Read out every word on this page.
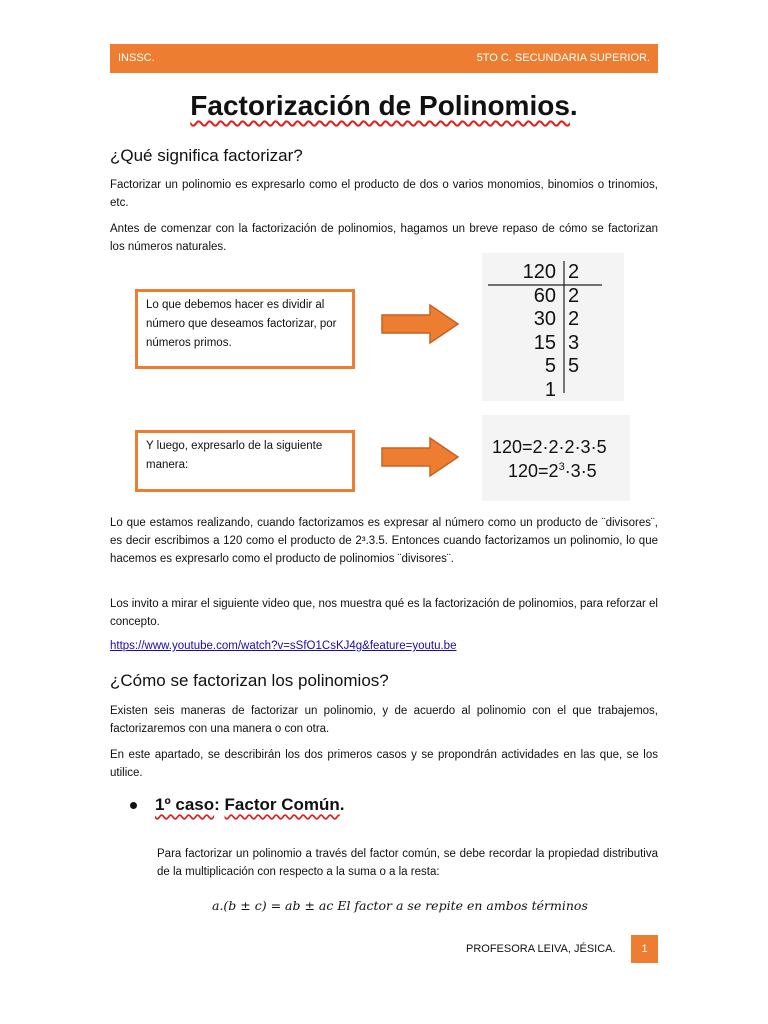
INSSC.	5TO C. SECUNDARIA SUPERIOR.
Factorización de Polinomios.
¿Qué significa factorizar?

Factorizar un polinomio es expresarlo como el producto de dos o varios monomios, binomios o trinomios, etc.

Antes de comenzar con la factorización de polinomios, hagamos un breve repaso de cómo se factorizan los números naturales.

Lo que debemos hacer es dividir al número que deseamos factorizar, por números primos.
120
60
30
15
5
1
2
2
2
3
5
Y luego, expresarlo de la siguiente manera:
120=2·2·2·3·5
$120=2^3\cdot 3\cdot 5$

Lo que estamos realizando, cuando factorizamos es expresar al número como un producto de ¨divisores¨, es decir escribimos a 120 como el producto de 2³.3.5. Entonces cuando factorizamos un polinomio, lo que hacemos es expresarlo como el producto de polinomios ¨divisores¨.

Los invito a mirar el siguiente video que, nos muestra qué es la factorización de polinomios, para reforzar el concepto.

https://www.youtube.com/watch?v=sSfO1CsKJ4g&feature=youtu.be
¿Cómo se factorizan los polinomios?

Existen seis maneras de factorizar un polinomio, y de acuerdo al polinomio con el que trabajemos, factorizaremos con una manera o con otra.

En este apartado, se describirán los dos primeros casos y se propondrán actividades en las que, se los utilice.

1º caso: Factor Común.

Para factorizar un polinomio a través del factor común, se debe recordar la propiedad distributiva de la multiplicación con respecto a la suma o a la resta:

a.(b ± c) = ab ± ac El factor a se repite en ambos términos
PROFESORA LEIVA, JÉSICA.	1
